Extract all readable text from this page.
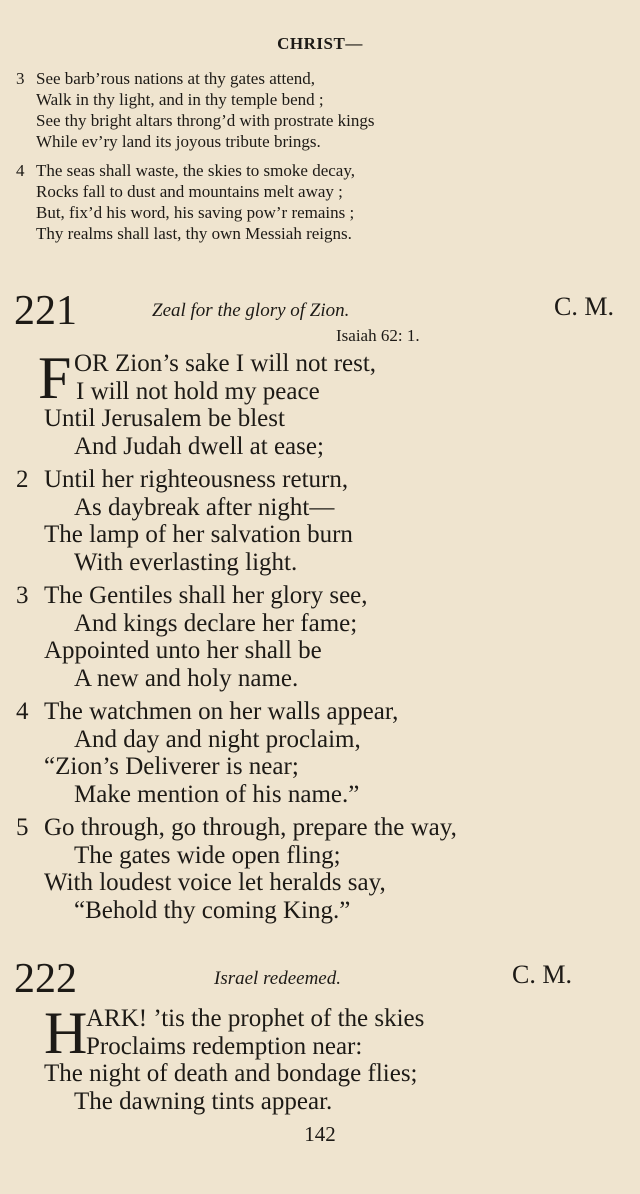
CHRIST—
3 See barb’rous nations at thy gates attend,
Walk in thy light, and in thy temple bend ;
See thy bright altars throng’d with prostrate kings
While ev’ry land its joyous tribute brings.
4 The seas shall waste, the skies to smoke decay,
Rocks fall to dust and mountains melt away ;
But, fix’d his word, his saving pow’r remains ;
Thy realms shall last, thy own Messiah reigns.
221	Zeal for the glory of Zion.	C. M.
Isaiah 62: 1.
F OR Zion’s sake I will not rest,
I will not hold my peace
Until Jerusalem be blest
And Judah dwell at ease;
2 Until her righteousness return,
As daybreak after night—
The lamp of her salvation burn
With everlasting light.
3 The Gentiles shall her glory see,
And kings declare her fame;
Appointed unto her shall be
A new and holy name.
4 The watchmen on her walls appear,
And day and night proclaim,
“Zion’s Deliverer is near;
Make mention of his name.”
5 Go through, go through, prepare the way,
The gates wide open fling;
With loudest voice let heralds say,
“Behold thy coming King.”
222	Israel redeemed.	C. M.
H
ARK! ’tis the prophet of the skies
Proclaims redemption near:
The night of death and bondage flies;
The dawning tints appear.
142
